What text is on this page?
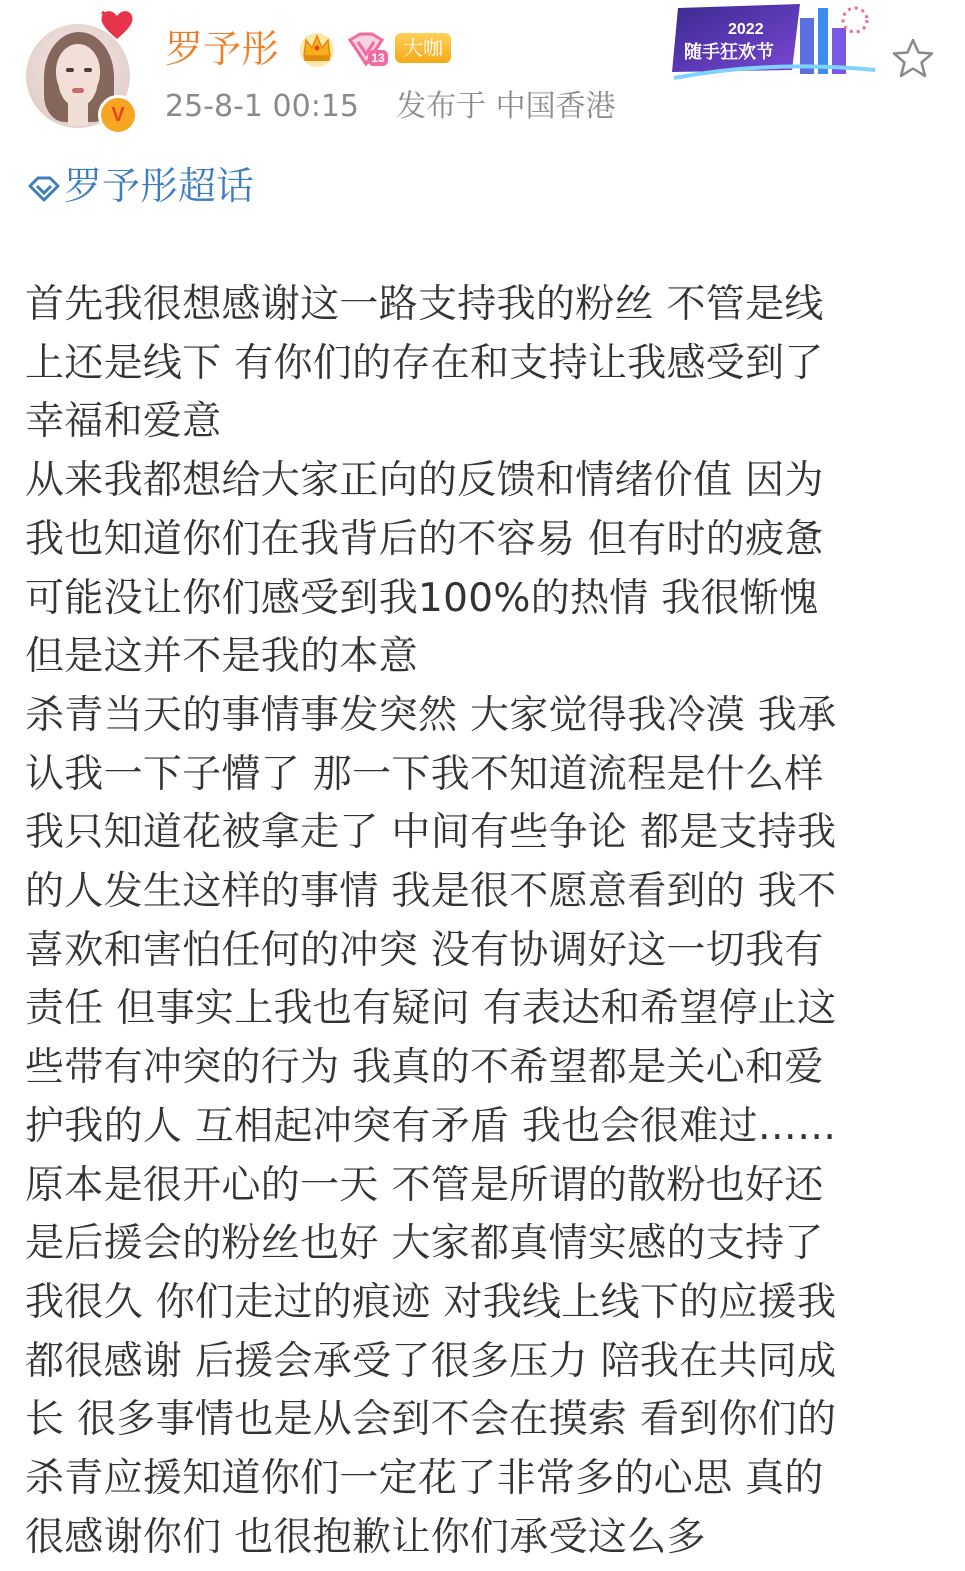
V
罗予彤	13 大咖
25-8-1 00:15 发布于 中国香港
2022
随手狂欢节
罗予彤超话

首先我很想感谢这一路支持我的粉丝 不管是线

上还是线下 有你们的存在和支持让我感受到了

幸福和爱意

从来我都想给大家正向的反馈和情绪价值 因为

我也知道你们在我背后的不容易 但有时的疲惫

可能没让你们感受到我100%的热情 我很惭愧

但是这并不是我的本意

杀青当天的事情事发突然 大家觉得我冷漠 我承

认我一下子懵了 那一下我不知道流程是什么样

我只知道花被拿走了 中间有些争论 都是支持我

的人发生这样的事情 我是很不愿意看到的 我不

喜欢和害怕任何的冲突 没有协调好这一切我有

责任 但事实上我也有疑问 有表达和希望停止这

些带有冲突的行为 我真的不希望都是关心和爱

护我的人 互相起冲突有矛盾 我也会很难过……

原本是很开心的一天 不管是所谓的散粉也好还

是后援会的粉丝也好 大家都真情实感的支持了

我很久 你们走过的痕迹 对我线上线下的应援我

都很感谢 后援会承受了很多压力 陪我在共同成

长 很多事情也是从会到不会在摸索 看到你们的

杀青应援知道你们一定花了非常多的心思 真的

很感谢你们 也很抱歉让你们承受这么多
